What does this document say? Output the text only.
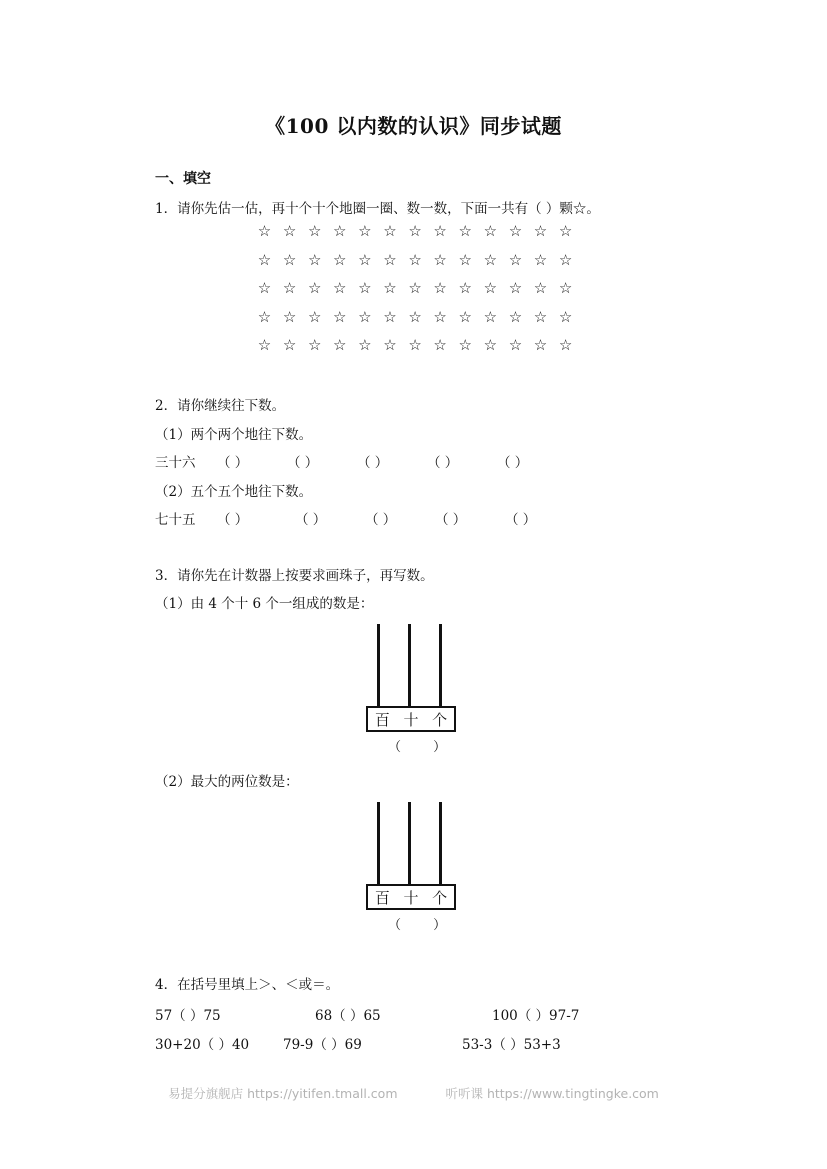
《100 以内数的认识》同步试题
一、填空
1．请你先估一估，再十个十个地圈一圈、数一数，下面一共有（ ）颗☆。
☆ ☆ ☆ ☆ ☆ ☆ ☆ ☆ ☆ ☆ ☆ ☆ ☆
☆ ☆ ☆ ☆ ☆ ☆ ☆ ☆ ☆ ☆ ☆ ☆ ☆
☆ ☆ ☆ ☆ ☆ ☆ ☆ ☆ ☆ ☆ ☆ ☆ ☆
☆ ☆ ☆ ☆ ☆ ☆ ☆ ☆ ☆ ☆ ☆ ☆ ☆
☆ ☆ ☆ ☆ ☆ ☆ ☆ ☆ ☆ ☆ ☆ ☆ ☆
2．请你继续往下数。
（1）两个两个地往下数。
三十六	（ ）	（ ）	（ ）	（ ）	（ ）
（2）五个五个地往下数。
七十五	（ ）	（ ）	（ ）	（ ）	（ ）
3．请你先在计数器上按要求画珠子，再写数。
（1）由 4 个十 6 个一组成的数是：
百 十 个
（ ）
（2）最大的两位数是：
百 十 个
（ ）
4．在括号里填上＞、＜或＝。
57（ ）75	68（ ）65	100（ ）97-7
30+20（ ）40	79-9（ ）69	53-3（ ）53+3
易提分旗舰店 https://yitifen.tmall.com	听听课 https://www.tingtingke.com
